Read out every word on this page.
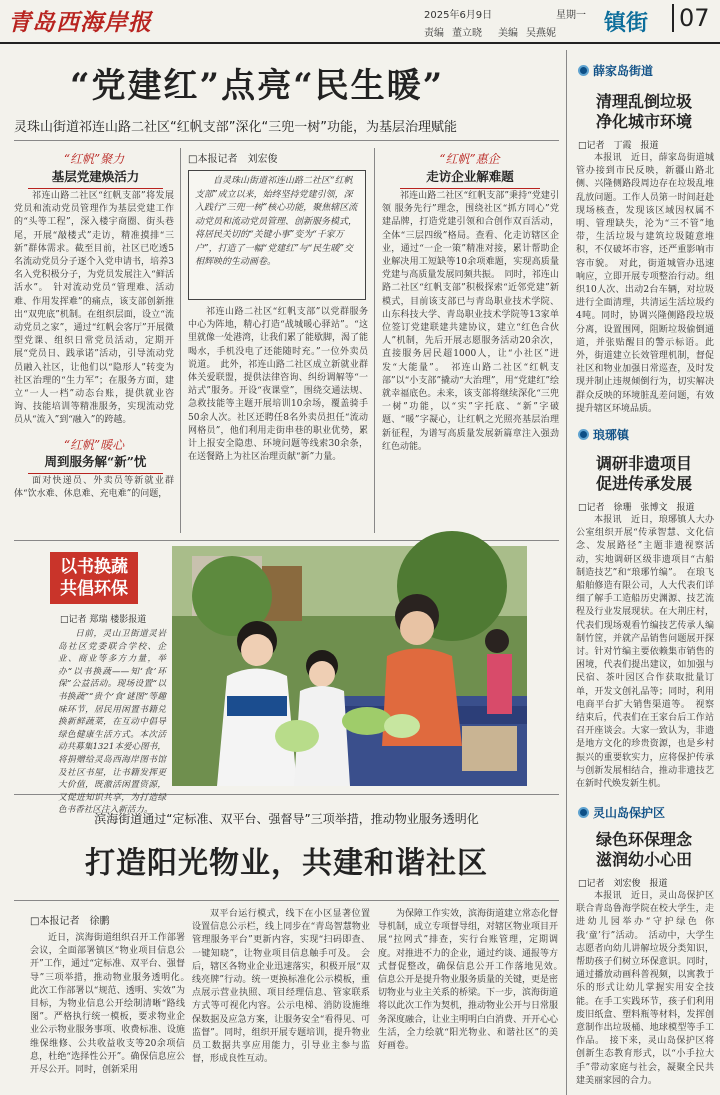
青岛西海岸报	2025年6月9日	星期一
责编 董立晓 美编 吴燕妮 镇街 07
“党建红”点亮“民生暖”
灵珠山街道祁连山路二社区“红帆支部”深化“三兜一树”功能，为基层治理赋能
“红帆”聚力
基层党建焕活力
祁连山路二社区“红帆支部”将发展党员和流动党员管理作为基层党建工作的“头等工程”，深入楼宇商圈、街头巷尾，开展“敲楼式”走访，精准摸排“三新”群体需求。截至目前，社区已吃透5名流动党员分子逐个入党申请书，培养3名入党积极分子，为党员发展注入“鲜活活水”。　针对流动党员“管理难、活动难、作用发挥难”的痛点，该支部创新推出“双兜底”机制。在组织层面，设立“流动党员之家”，通过“红帆会客厅”开展微型党课、组织日常党员活动，定期开展“党员日、践承诺”活动，引导流动党员融入社区，让他们以“隐形人”转变为社区治理的“生力军”；在服务方面，建立“一人一档”动态台账，提供就业咨询、技能培训等精准服务，实现流动党员从“流入”到“融入”的跨越。
“红帆”暖心
周到服务解“新”忧
面对快递员、外卖员等新就业群体“饮水难、休息难、充电难”的问题，
□本报记者　刘宏俊
自灵珠山街道祁连山路二社区“红帆支部”成立以来，始终坚持党建引领，深入践行“三兜一树”核心功能，聚焦辖区流动党员和流动党员管理、创新服务模式，将居民关切的“关键小事”变为“千家万户”，打造了一幅“党建红”与“民生暖”交相辉映的生动画卷。
祁连山路二社区“红帆支部”以党群服务中心为阵地，精心打造“战城暖心驿站”。“这里就像一处港湾，让我们累了能歇脚，渴了能喝水，手机没电了还能随时充。”一位外卖员说道。　此外，祁连山路二社区成立新就业群体关爱联盟，提供法律咨询、纠纷调解等“一站式”服务。开设“夜课堂”，围绕交通法规、急救技能等主题开展培训10余场，覆盖骑手50余人次。社区还聘任8名外卖员担任“流动网格员”，他们利用走街串巷的职业优势，累计上报安全隐患、环境问题等线索30余条，在送餐路上为社区治理贡献“新”力量。
“红帆”惠企
走访企业解难题
祁连山路二社区“红帆支部”秉持“党建引领 服务先行”理念，围绕社区“抓方同心”党建品牌，打造党建引领和合创作双百活动，全体“三层四级”格局。查看、化走访辖区企业，通过“一企一策”精准对接，累计帮助企业解决用工短缺等10余项难题，实现高质量党建与高质量发展同频共振。　同时，祁连山路二社区“红帆支部”积极探索“近邻党建”新模式，目前该支部已与青岛职业技术学院、山东科技大学、青岛职业技术学院等13家单位签订党建联建共建协议，建立“红色合伙人”机制，先后开展志愿服务活动20余次，直接服务居民超1000人，让“小社区”迸发“大能量”。　祁连山路二社区“红帆支部”以“小支部”撬动“大治理”，用“党建红”绘就幸福底色。未来，该支部将继续深化“三兜一树”功能，以“实”字托底、“新”字破题、“暖”字凝心，让红帆之光照亮基层治理新征程，为谱写高质量发展新篇章注入强劲红色动能。
以书换蔬
共倡环保
□记者 郑瑞 楼影报道
日前，灵山卫街道灵岩岛社区党委联合学校、企业、商业等多方力量，举办“以书换蔬——知‘食’环保”公益活动。现场设置“以书换蔬”“贵个‘食’谜图”等趣味环节，居民用闲置书籍兑换新鲜蔬菜，在互动中倡导绿色健康生活方式。本次活动共募集1321本爱心图书，将捐赠给灵岛西海岸图书馆及社区书屋，让书籍发挥更大价值，既激活闲置资源，又促进知识共享，为打造绿色书香社区注入新活力。
滨海街道通过“定标准、双平台、强督导”三项举措，推动物业服务透明化
打造阳光物业，共建和谐社区
□本报记者　徐鹏
近日，滨海街道组织召开工作部署会议，全面部署镇区“物业项目信息公开”工作，通过“定标准、双平台、强督导”三项举措，推动物业服务透明化。　此次工作部署以“规范、透明、实效”为目标，为物业信息公开绘制清晰“路线图”。严格执行统一模板，要求物业企业公示物业服务事项、收费标准、设施维保维修、公共收益收支等20余项信息，杜绝“选择性公开”。确保信息应公开尽公开。同时，创新采用
双平台运行模式，线下在小区显著位置设置信息公示栏，线上同步在“青岛智慧物业管理服务平台”更新内容，实现“扫码即查、一键知晓”，让物业项目信息触手可及。　会后，辖区各物业企业迅速落实，积极开展“双线亮牌”行动。统一更换标准化公示模板，重点展示营业执照、项目经理信息、管家联系方式等可视化内容。公示电梯、消防设施维保数据及应急方案，让服务安全“看得见、可监督”。同时，组织开展专题培训，提升物业员工数据共享应用能力，引导业主参与监督，形成良性互动。
为保障工作实效，滨海街道建立常态化督导机制，成立专项督导组，对辖区物业项目开展“拉网式”排查，实行台账管理，定期调度。对推进不力的企业，通过约谈、通报等方式督促整改，确保信息公开工作落地见效。　信息公开是提升物业服务质量的关键，更是密切物业与业主关系的桥梁。下一步，滨海街道将以此次工作为契机，推动物业公开与日常服务深度融合，让业主明明白白消费、开开心心生活，全力绘就“阳光物业、和谐社区”的美好画卷。
薛家岛街道
清理乱倒垃圾
净化城市环境
□记者　丁霞　报道
本报讯　近日，薛家岛街道城管办接到市民反映，新疆山路北侧、兴隆侧路段周边存在垃圾乱堆乱放问题。工作人员第一时间赶赴现场核查，发现该区域因权属不明、管理缺失，沦为“三不管”地带，生活垃圾与建筑垃圾随意堆积，不仅破坏市容，还严重影响市容市貌。　对此，街道城管办迅速响应，立即开展专项整治行动。组织10人次、出动2台车辆，对垃圾进行全面清理，共清运生活垃圾约4吨。同时，协调兴隆侧路段垃圾分离，设置围网，阻断垃圾偷倒通道，并张贴醒目的警示标语。此外，街道建立长效管理机制，督促社区和物业加强日常巡查，及时发现并制止违规倾倒行为，切实解决群众反映的环境脏乱差问题，有效提升辖区环境品质。
琅琊镇
调研非遗项目
促进传承发展
□记者　徐珊　张博文　报道
本报讯　近日，琅琊镇人大办公室组织开展“传承智慧、文化信念、发展路径”主题非遗视察活动，实地调研区级非遗项目“古船制造技艺”和“琅琊竹编”。　在琅飞船舶修造有限公司，人大代表们详细了解手工造船历史渊源、技艺流程及行业发展现状。在大荆庄村，代表们现场观看竹编技艺传承人编制竹筐，并就产品销售问题展开探讨。针对竹编主要依赖集市销售的困境，代表们提出建议，如加强与民宿、茶叶园区合作获取批量订单，开发文创礼品等；同时，利用电商平台扩大销售渠道等。　视察结束后，代表们在王家台后工作站召开座谈会。大家一致认为，非遗是地方文化的珍贵资源，也是乡村振兴的重要软实力，应将保护传承与创新发展相结合，推动非遗技艺在新时代焕发新生机。
灵山岛保护区
绿色环保理念
滋润幼小心田
□记者　刘宏俊　报道
本报讯　近日，灵山岛保护区联合青岛鲁海学院在校大学生，走进幼儿园举办“守护绿色 你我‘童’行”活动。　活动中，大学生志愿者向幼儿讲解垃圾分类知识，帮助孩子们树立环保意识。同时，通过播放动画科普视频，以寓教于乐的形式让幼儿掌握实用安全技能。在手工实践环节，孩子们利用废旧纸盒、塑料瓶等材料，发挥创意制作出垃圾桶、地球模型等手工作品。　接下来，灵山岛保护区将创新生态教育形式，以“小手拉大手”带动家庭与社会，凝聚全民共建美丽家园的合力。
